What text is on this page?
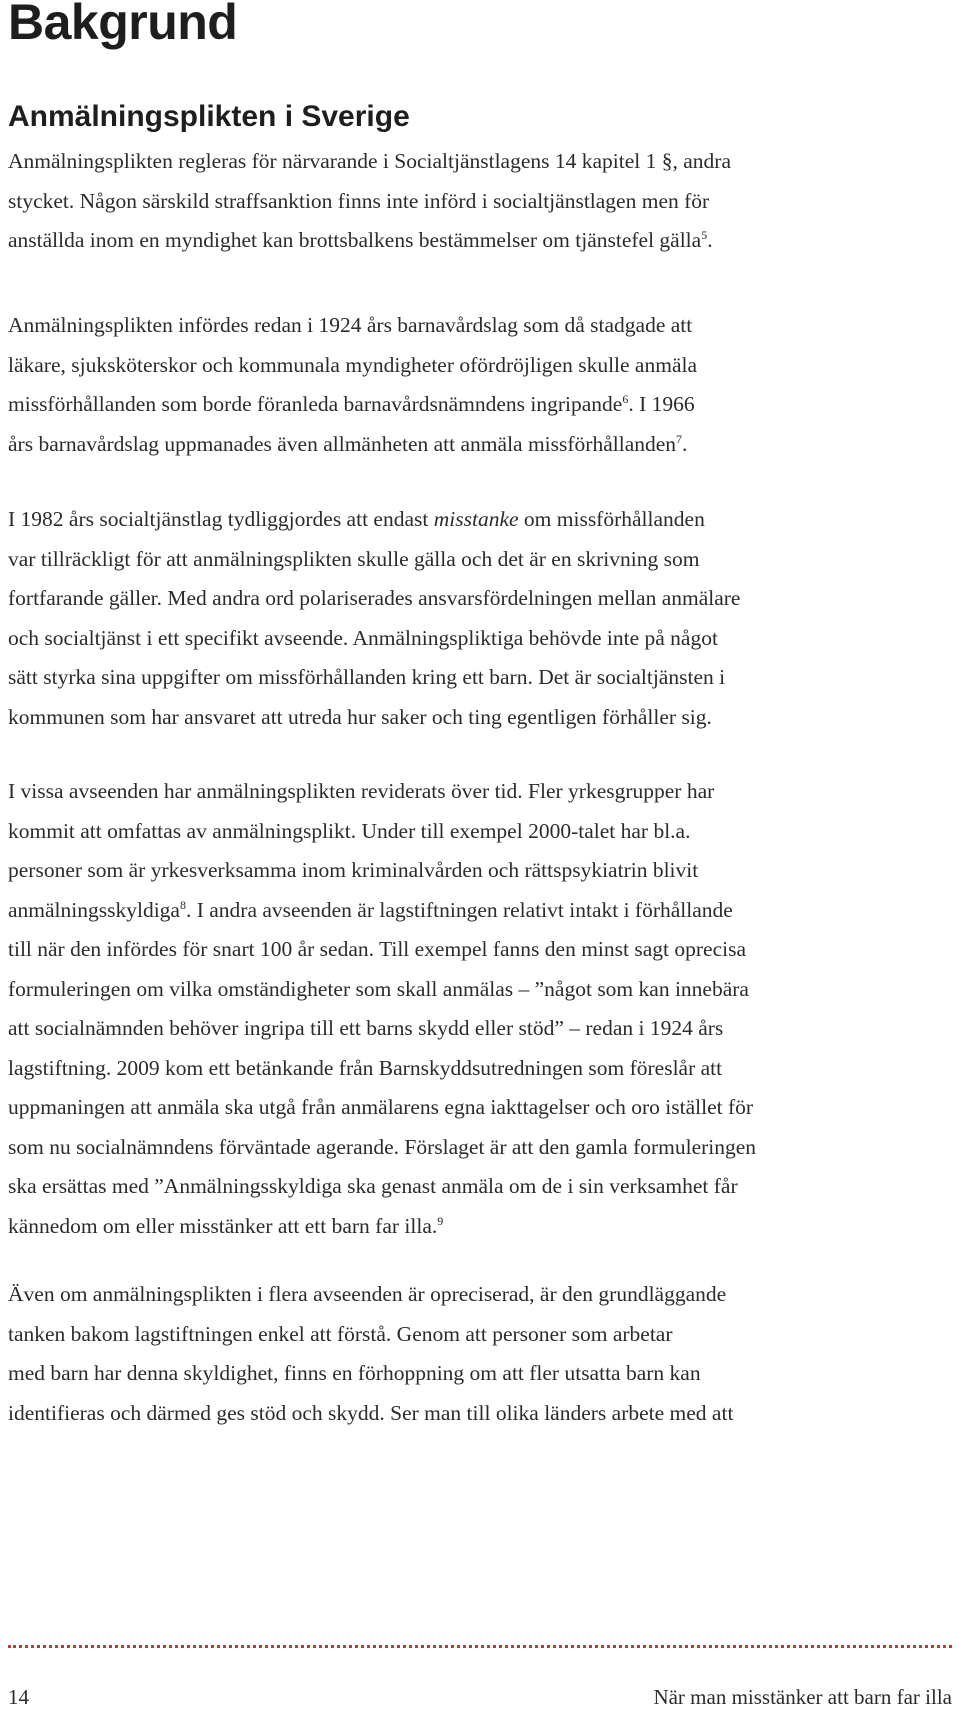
Bakgrund
Anmälningsplikten i Sverige

Anmälningsplikten regleras för närvarande i Socialtjänstlagens 14 kapitel 1 §, andra
stycket. Någon särskild straffsanktion finns inte införd i socialtjänstlagen men för
anställda inom en myndighet kan brottsbalkens bestämmelser om tjänstefel gälla$^5$.

Anmälningsplikten infördes redan i 1924 års barnavårdslag som då stadgade att
läkare, sjuksköterskor och kommunala myndigheter ofördröjligen skulle anmäla
missförhållanden som borde föranleda barnavårdsnämndens ingripande$^6$. I 1966
års barnavårdslag uppmanades även allmänheten att anmäla missförhållanden$^7$.

I 1982 års socialtjänstlag tydliggjordes att endast misstanke om missförhållanden
var tillräckligt för att anmälningsplikten skulle gälla och det är en skrivning som
fortfarande gäller. Med andra ord polariserades ansvarsfördelningen mellan anmälare
och socialtjänst i ett specifikt avseende. Anmälningspliktiga behövde inte på något
sätt styrka sina uppgifter om missförhållanden kring ett barn. Det är socialtjänsten i
kommunen som har ansvaret att utreda hur saker och ting egentligen förhåller sig.

I vissa avseenden har anmälningsplikten reviderats över tid. Fler yrkesgrupper har
kommit att omfattas av anmälningsplikt. Under till exempel 2000-talet har bl.a.
personer som är yrkesverksamma inom kriminalvården och rättspsykiatrin blivit
anmälningsskyldiga$^8$. I andra avseenden är lagstiftningen relativt intakt i förhållande
till när den infördes för snart 100 år sedan. Till exempel fanns den minst sagt oprecisa
formuleringen om vilka omständigheter som skall anmälas – ”något som kan innebära
att socialnämnden behöver ingripa till ett barns skydd eller stöd” – redan i 1924 års
lagstiftning. 2009 kom ett betänkande från Barnskyddsutredningen som föreslår att
uppmaningen att anmäla ska utgå från anmälarens egna iakttagelser och oro istället för
som nu socialnämndens förväntade agerande. Förslaget är att den gamla formuleringen
ska ersättas med ”Anmälningsskyldiga ska genast anmäla om de i sin verksamhet får
kännedom om eller misstänker att ett barn far illa.$^9$

Även om anmälningsplikten i flera avseenden är opreciserad, är den grundläggande
tanken bakom lagstiftningen enkel att förstå. Genom att personer som arbetar
med barn har denna skyldighet, finns en förhoppning om att fler utsatta barn kan
identifieras och därmed ges stöd och skydd. Ser man till olika länders arbete med att

14	När man misstänker att barn far illa
